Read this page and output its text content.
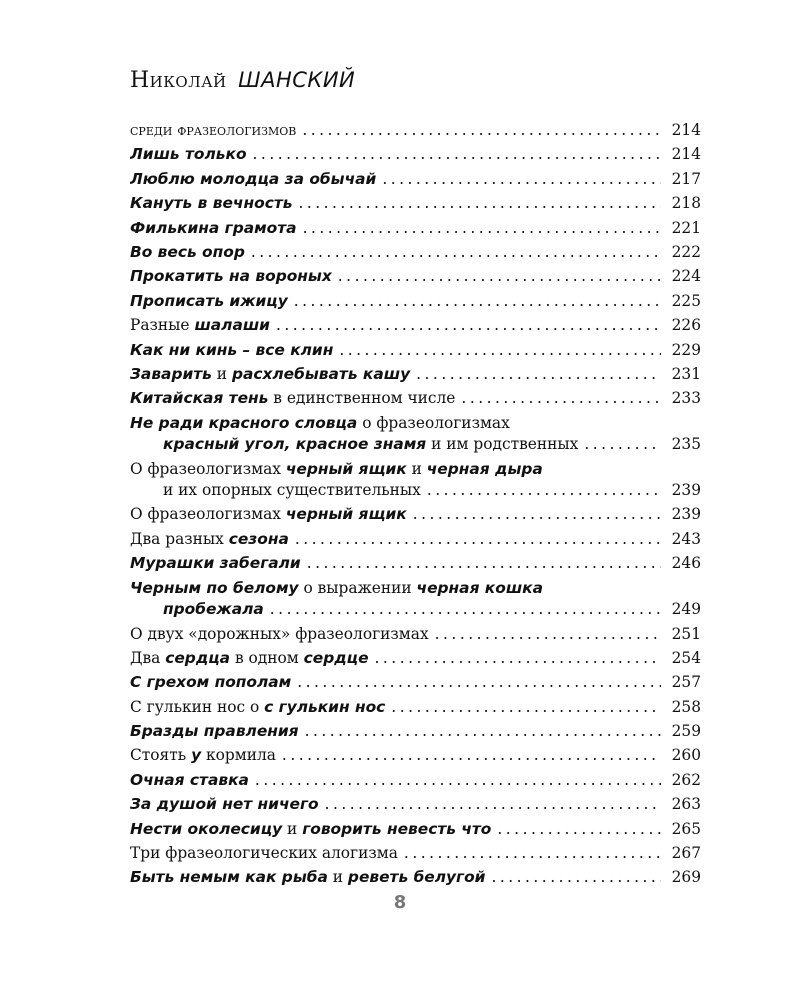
Николай ШАНСКИЙ
среди фразеологизмов .....	214
Лишь только .....	214
Люблю молодца за обычай .....	217
Кануть в вечность .....	218
Филькина грамота .....	221
Во весь опор .....	222
Прокатить на вороных .....	224
Прописать ижицу .....	225
Разные шалаши .....	226
Как ни кинь – все клин .....	229
Заварить и расхлебывать кашу .....	231
Китайская тень в единственном числе .....	233
Не ради красного словца о фразеологизмах
красный угол, красное знамя и им родственных .....	235
О фразеологизмах черный ящик и черная дыра
и их опорных существительных .....	239
О фразеологизмах черный ящик .....	239
Два разных сезона .....	243
Мурашки забегали .....	246
Черным по белому о выражении черная кошка
пробежала .....	249
О двух «дорожных» фразеологизмах .....	251
Два сердца в одном сердце .....	254
С грехом пополам .....	257
С гулькин нос о с гулькин нос .....	258
Бразды правления .....	259
Стоять у кормила .....	260
Очная ставка .....	262
За душой нет ничего .....	263
Нести околесицу и говорить невесть что .....	265
Три фразеологических алогизма .....	267
Быть немым как рыба и реветь белугой .....	269
8
